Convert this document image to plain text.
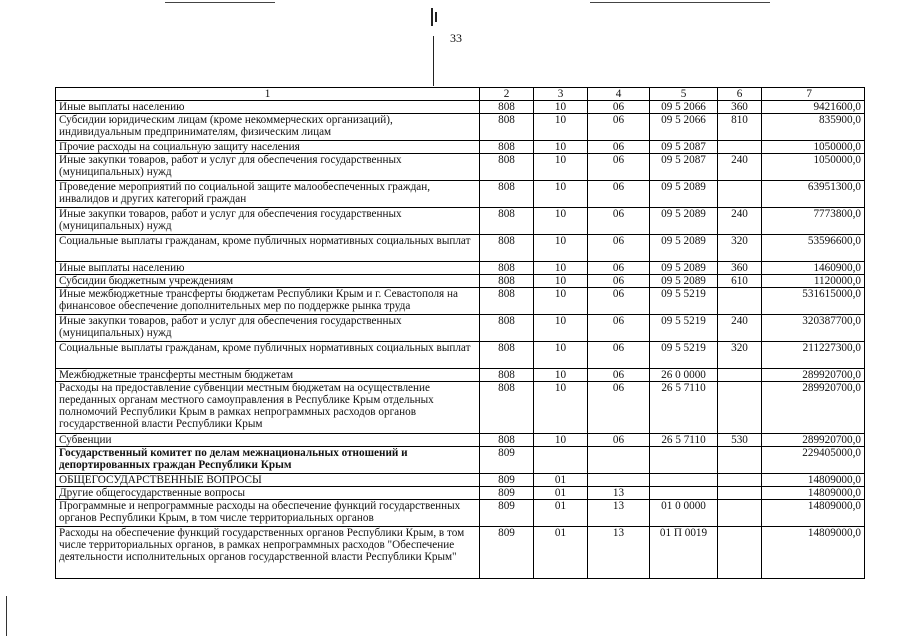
33
1	2	3	4	5	6	7
Иные выплаты населению	808	10	06	09 5 2066	360	9421600,0
Субсидии юридическим лицам (кроме некоммерческих организаций), индивидуальным предпринимателям, физическим лицам	808	10	06	09 5 2066	810	835900,0
Прочие расходы на социальную защиту населения	808	10	06	09 5 2087		1050000,0
Иные закупки товаров, работ и услуг для обеспечения государственных (муниципальных) нужд	808	10	06	09 5 2087	240	1050000,0
Проведение мероприятий по социальной защите малообеспеченных граждан, инвалидов и других категорий граждан	808	10	06	09 5 2089		63951300,0
Иные закупки товаров, работ и услуг для обеспечения государственных (муниципальных) нужд	808	10	06	09 5 2089	240	7773800,0
Социальные выплаты гражданам, кроме публичных нормативных социальных выплат	808	10	06	09 5 2089	320	53596600,0
Иные выплаты населению	808	10	06	09 5 2089	360	1460900,0
Субсидии бюджетным учреждениям	808	10	06	09 5 2089	610	1120000,0
Иные межбюджетные трансферты бюджетам Республики Крым и г. Севастополя на финансовое обеспечение дополнительных мер по поддержке рынка труда	808	10	06	09 5 5219		531615000,0
Иные закупки товаров, работ и услуг для обеспечения государственных (муниципальных) нужд	808	10	06	09 5 5219	240	320387700,0
Социальные выплаты гражданам, кроме публичных нормативных социальных выплат	808	10	06	09 5 5219	320	211227300,0
Межбюджетные трансферты местным бюджетам	808	10	06	26 0 0000		289920700,0
Расходы на предоставление субвенции местным бюджетам на осуществление переданных органам местного самоуправления в Республике Крым отдельных полномочий Республики Крым в рамках непрограммных расходов органов государственной власти Республики Крым	808	10	06	26 5 7110		289920700,0
Субвенции	808	10	06	26 5 7110	530	289920700,0
Государственный комитет по делам межнациональных отношений и депортированных граждан Республики Крым	809					229405000,0
ОБЩЕГОСУДАРСТВЕННЫЕ ВОПРОСЫ	809	01				14809000,0
Другие общегосударственные вопросы	809	01	13			14809000,0
Программные и непрограммные расходы на обеспечение функций государственных органов Республики Крым, в том числе территориальных органов	809	01	13	01 0 0000		14809000,0
Расходы на обеспечение функций государственных органов Республики Крым, в том числе территориальных органов, в рамках непрограммных расходов "Обеспечение деятельности исполнительных органов государственной власти Республики Крым"	809	01	13	01 П 0019		14809000,0
